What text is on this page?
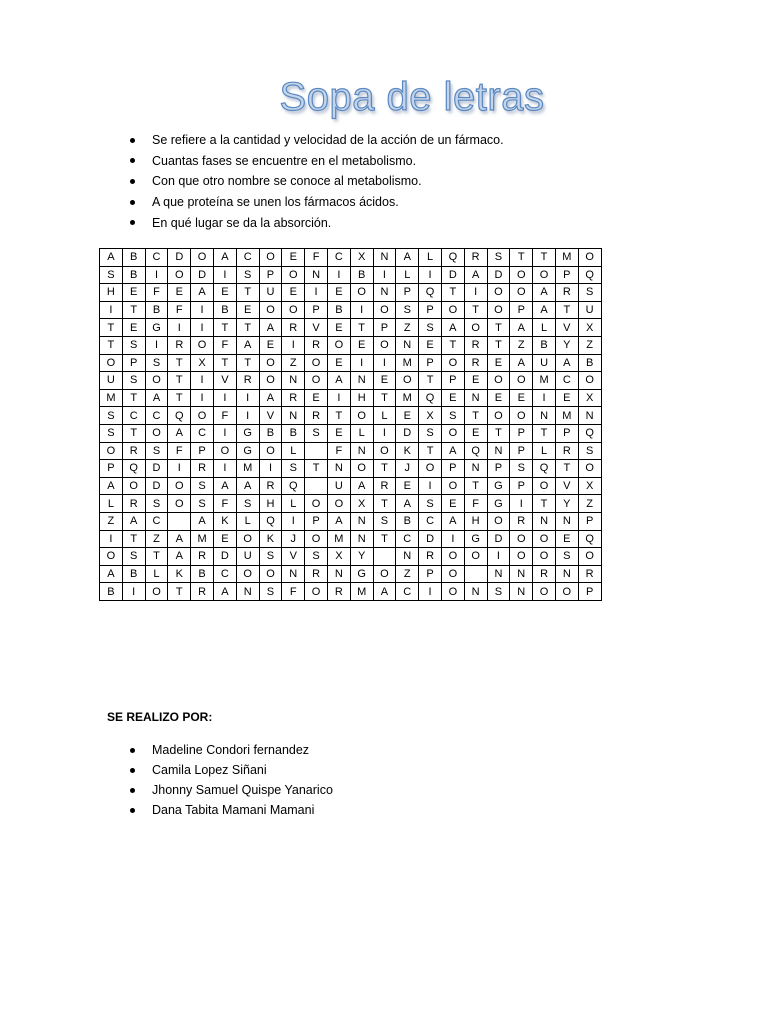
Sopa de letras
Se refiere a la cantidad y velocidad de la acción de un fármaco.
Cuantas fases se encuentre en el metabolismo.
Con que otro nombre se conoce al metabolismo.
A que proteína se unen los fármacos ácidos.
En qué lugar se da la absorción.
A	B	C	D	O	A	C	O	E	F	C	X	N	A	L	Q	R	S	T	T	M	O
S	B	I	O	D	I	S	P	O	N	I	B	I	L	I	D	A	D	O	O	P	Q
H	E	F	E	A	E	T	U	E	I	E	O	N	P	Q	T	I	O	O	A	R	S
I	T	B	F	I	B	E	O	O	P	B	I	O	S	P	O	T	O	P	A	T	U
T	E	G	I	I	T	T	A	R	V	E	T	P	Z	S	A	O	T	A	L	V	X
T	S	I	R	O	F	A	E	I	R	O	E	O	N	E	T	R	T	Z	B	Y	Z
O	P	S	T	X	T	T	O	Z	O	E	I	I	M	P	O	R	E	A	U	A	B
U	S	O	T	I	V	R	O	N	O	A	N	E	O	T	P	E	O	O	M	C	O
M	T	A	T	I	I	I	A	R	E	I	H	T	M	Q	E	N	E	E	I	E	X
S	C	C	Q	O	F	I	V	N	R	T	O	L	E	X	S	T	O	O	N	M	N
S	T	O	A	C	I	G	B	B	S	E	L	I	D	S	O	E	T	P	T	P	Q
O	R	S	F	P	O	G	O	L		F	N	O	K	T	A	Q	N	P	L	R	S
P	Q	D	I	R	I	M	I	S	T	N	O	T	J	O	P	N	P	S	Q	T	O
A	O	D	O	S	A	A	R	Q		U	A	R	E	I	O	T	G	P	O	V	X
L	R	S	O	S	F	S	H	L	O	O	X	T	A	S	E	F	G	I	T	Y	Z
Z	A	C		A	K	L	Q	I	P	A	N	S	B	C	A	H	O	R	N	N	P
I	T	Z	A	M	E	O	K	J	O	M	N	T	C	D	I	G	D	O	O	E	Q
O	S	T	A	R	D	U	S	V	S	X	Y		N	R	O	O	I	O	O	S	O
A	B	L	K	B	C	O	O	N	R	N	G	O	Z	P	O		N	N	R	N	R
B	I	O	T	R	A	N	S	F	O	R	M	A	C	I	O	N	S	N	O	O	P
SE REALIZO POR:
Madeline Condori fernandez
Camila Lopez Siñani
Jhonny Samuel Quispe Yanarico
Dana Tabita Mamani Mamani
